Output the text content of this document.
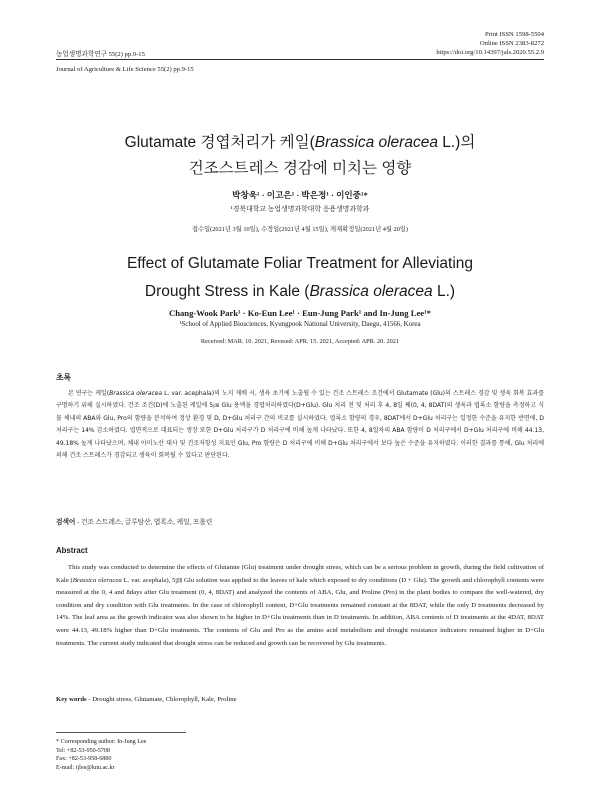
Print ISSN 1598-5504
Online ISSN 2383-8272
https://doi.org/10.14397/jals.2020.55.2.9
농업생명과학연구 55(2) pp.9-15
Journal of Agriculture & Life Science 55(2) pp.9-15
Glutamate 경엽처리가 케일(Brassica oleracea L.)의
건조스트레스 경감에 미치는 영향
박창욱¹ · 이고은¹ · 박은정¹ · 이인중¹*
¹경북대학교 농업생명과학대학 응용생명과학과
접수일(2021년 3월 10일), 수정일(2021년 4월 15일), 게재확정일(2021년 4월 20일)
Effect of Glutamate Foliar Treatment for Alleviating
Drought Stress in Kale (Brassica oleracea L.)
Chang-Wook Park¹ · Ko-Eun Lee¹ · Eun-Jung Park¹ and In-Jung Lee¹*
¹School of Applied Biosciences, Kyungpook National University, Daegu, 41566, Korea
Received: MAR. 10. 2021, Revesed: APR. 15. 2021, Accepted: APR. 20. 2021
초록
본 연구는 케일(Brassica oleracea L. var. acephala)의 노지 재배 시, 생육 초기에 노출될 수 있는 건조 스트레스 조건에서 Glutamate (Glu)의 스트레스 경감 및 생육 회복 효과를 구명하기 위해 실시하였다. 건조 조건(D)에 노출된 케일에 5㎛ Glu 용액을 경엽처리하였다(D+Glu). Glu 처리 전 및 처리 후 4, 8일 째(0, 4, 8DAT)의 생육과 엽록소 함량을 측정하고 식물 체내의 ABA와 Glu, Pro의 함량을 분석하여 정상 환경 및 D, D+Glu 처리구 간의 비교를 실시하였다. 엽록소 함량의 경우, 8DAT에서 D+Glu 처리구는 일정한 수준을 유지한 반면에, D처리구는 14% 감소하였다. 엽면적으로 대표되는 생장 또한 D+Glu 처리구가 D 처리구에 비해 높게 나타났다. 또한 4, 8일차의 ABA 함량이 D 처리구에서 D+Glu 처리구에 비해 44.13, 49.18% 높게 나타났으며, 체내 아미노산 대사 및 건조저항성 지표인 Glu, Pro 함량은 D 처리구에 비해 D+Glu 처리구에서 보다 높은 수준을 유지하였다. 이러한 결과를 통해, Glu 처리에 의해 건조 스트레스가 경감되고 생육이 회복될 수 있다고 판단된다.
검색어 - 건조 스트레스, 글루탐산, 엽록소, 케일, 프롤린
Abstract
This study was conducted to determine the effects of Glutamte (Glu) treatment under drought stress, which can be a serious problem in growth, during the field cultivation of Kale (Brassica oleracea L. var. acephala), 5㎛ Glu solution was applied to the leaves of kale which exposed to dry conditions (D + Glu). The growth and chlorophyll contents were measured at the 0, 4 and 8days after Glu treatment (0, 4, 8DAT) and analyzed the contents of ABA, Glu, and Proline (Pro) in the plant bodies to compare the well-watered, dry condition and dry condition with Glu treatments. In the case of chlorophyll content, D+Glu treatments remained constant at the 8DAT, while the only D treatments decreased by 14%. The leaf area as the growth indicator was also shown to be higher in D+Glu treatments than in D treatments. In addition, ABA contents of D treatments at the 4DAT, 8DAT were 44.13, 49.18% higher than D+Glu treatments. The contents of Glu and Pro as the amino acid metabolism and drought resistance indicators remained higher in D+Glu treatments. The current study indicated that drought stress can be reduced and growth can be recovered by Glu treatments.
Key words - Drought stress, Glutamate, Chlorophyll, Kale, Proline
* Corresponding author: In-Jung Lee
Tel: +82-53-950-5708
Fax: +82-53-958-6880
E-mail: ijlee@knu.ac.kr
